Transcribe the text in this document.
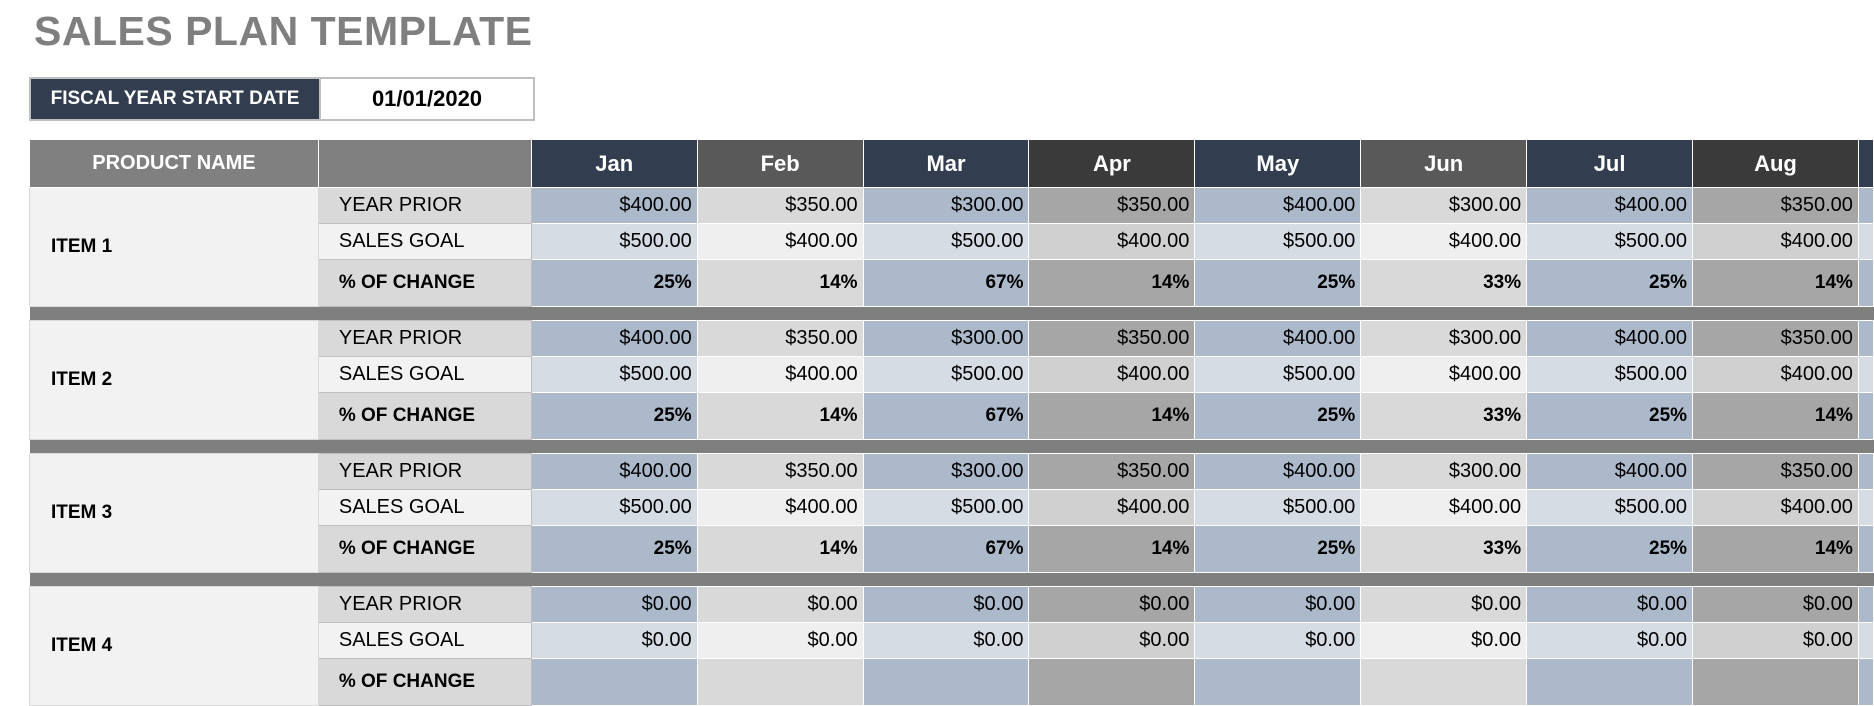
SALES PLAN TEMPLATE
FISCAL YEAR START DATE	01/01/2020
PRODUCT NAME		Jan	Feb	Mar	Apr	May	Jun	Jul	Aug	
ITEM 1	YEAR PRIOR	$400.00	$350.00	$300.00	$350.00	$400.00	$300.00	$400.00	$350.00	
	SALES GOAL	$500.00	$400.00	$500.00	$400.00	$500.00	$400.00	$500.00	$400.00	
	% OF CHANGE	25%	14%	67%	14%	25%	33%	25%	14%	

ITEM 2	YEAR PRIOR	$400.00	$350.00	$300.00	$350.00	$400.00	$300.00	$400.00	$350.00	
	SALES GOAL	$500.00	$400.00	$500.00	$400.00	$500.00	$400.00	$500.00	$400.00	
	% OF CHANGE	25%	14%	67%	14%	25%	33%	25%	14%	

ITEM 3	YEAR PRIOR	$400.00	$350.00	$300.00	$350.00	$400.00	$300.00	$400.00	$350.00	
	SALES GOAL	$500.00	$400.00	$500.00	$400.00	$500.00	$400.00	$500.00	$400.00	
	% OF CHANGE	25%	14%	67%	14%	25%	33%	25%	14%	

ITEM 4	YEAR PRIOR	$0.00	$0.00	$0.00	$0.00	$0.00	$0.00	$0.00	$0.00	
	SALES GOAL	$0.00	$0.00	$0.00	$0.00	$0.00	$0.00	$0.00	$0.00	
	% OF CHANGE									
